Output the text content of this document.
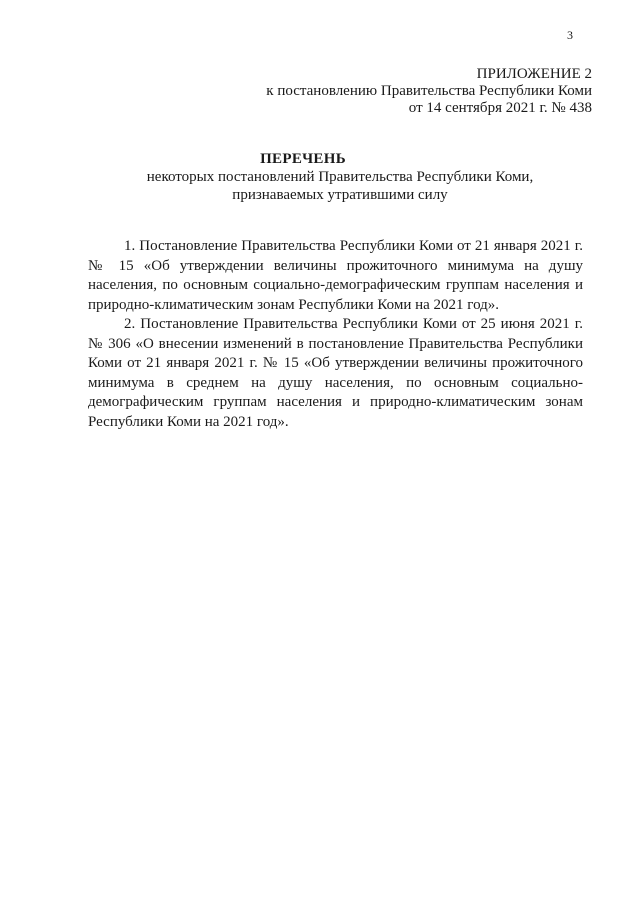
3
ПРИЛОЖЕНИЕ 2
к постановлению Правительства Республики Коми
от 14 сентября 2021 г. № 438
ПЕРЕЧЕНЬ
некоторых постановлений Правительства Республики Коми,
признаваемых утратившими силу

1. Постановление Правительства Республики Коми от 21 января 2021 г. № 15 «Об утверждении величины прожиточного минимума на душу населения, по основным социально-демографическим группам населения и природно-климатическим зонам Республики Коми на 2021 год».

2. Постановление Правительства Республики Коми от 25 июня 2021 г. № 306 «О внесении изменений в постановление Правительства Республики Коми от 21 января 2021 г. № 15 «Об утверждении величины прожиточного минимума в среднем на душу населения, по основным социально-демографическим группам населения и природно-климатическим зонам Республики Коми на 2021 год».
